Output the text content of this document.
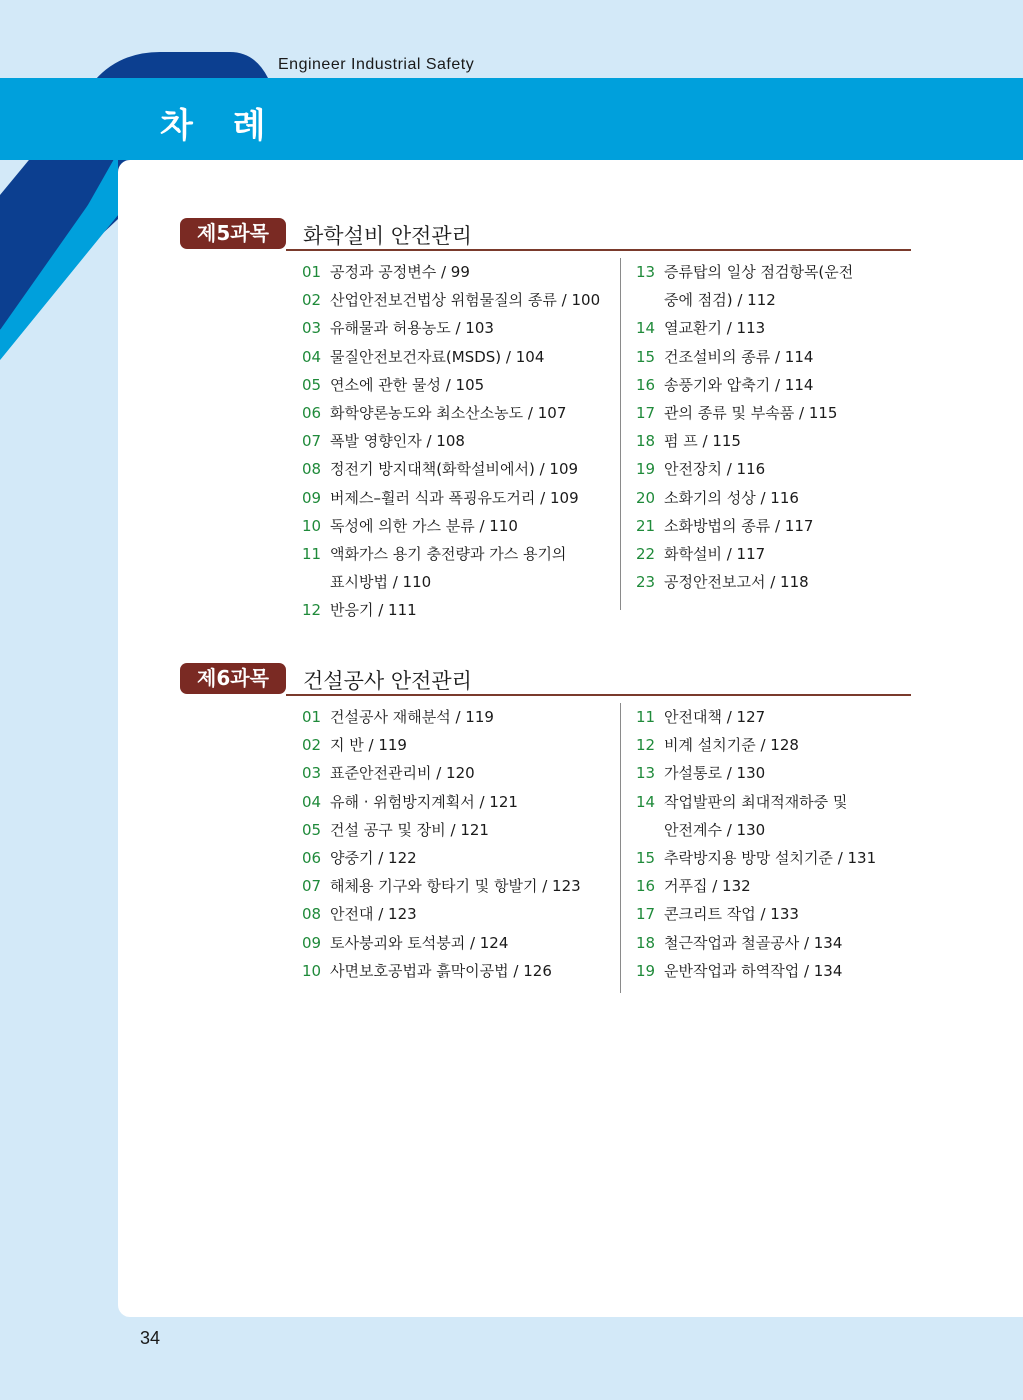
Engineer Industrial Safety
차 례
제5과목	화학설비 안전관리
01 공정과 공정변수 / 99
02 산업안전보건법상 위험물질의 종류 / 100
03 유해물과 허용농도 / 103
04 물질안전보건자료(MSDS) / 104
05 연소에 관한 물성 / 105
06 화학양론농도와 최소산소농도 / 107
07 폭발 영향인자 / 108
08 정전기 방지대책(화학설비에서) / 109
09 버제스–휠러 식과 폭굉유도거리 / 109
10 독성에 의한 가스 분류 / 110
11 액화가스 용기 충전량과 가스 용기의
표시방법 / 110
12 반응기 / 111
13 증류탑의 일상 점검항목(운전
중에 점검) / 112
14 열교환기 / 113
15 건조설비의 종류 / 114
16 송풍기와 압축기 / 114
17 관의 종류 및 부속품 / 115
18 펌 프 / 115
19 안전장치 / 116
20 소화기의 성상 / 116
21 소화방법의 종류 / 117
22 화학설비 / 117
23 공정안전보고서 / 118
제6과목	건설공사 안전관리
01 건설공사 재해분석 / 119
02 지 반 / 119
03 표준안전관리비 / 120
04 유해 · 위험방지계획서 / 121
05 건설 공구 및 장비 / 121
06 양중기 / 122
07 해체용 기구와 항타기 및 항발기 / 123
08 안전대 / 123
09 토사붕괴와 토석붕괴 / 124
10 사면보호공법과 흙막이공법 / 126
11 안전대책 / 127
12 비계 설치기준 / 128
13 가설통로 / 130
14 작업발판의 최대적재하중 및
안전계수 / 130
15 추락방지용 방망 설치기준 / 131
16 거푸집 / 132
17 콘크리트 작업 / 133
18 철근작업과 철골공사 / 134
19 운반작업과 하역작업 / 134
34
